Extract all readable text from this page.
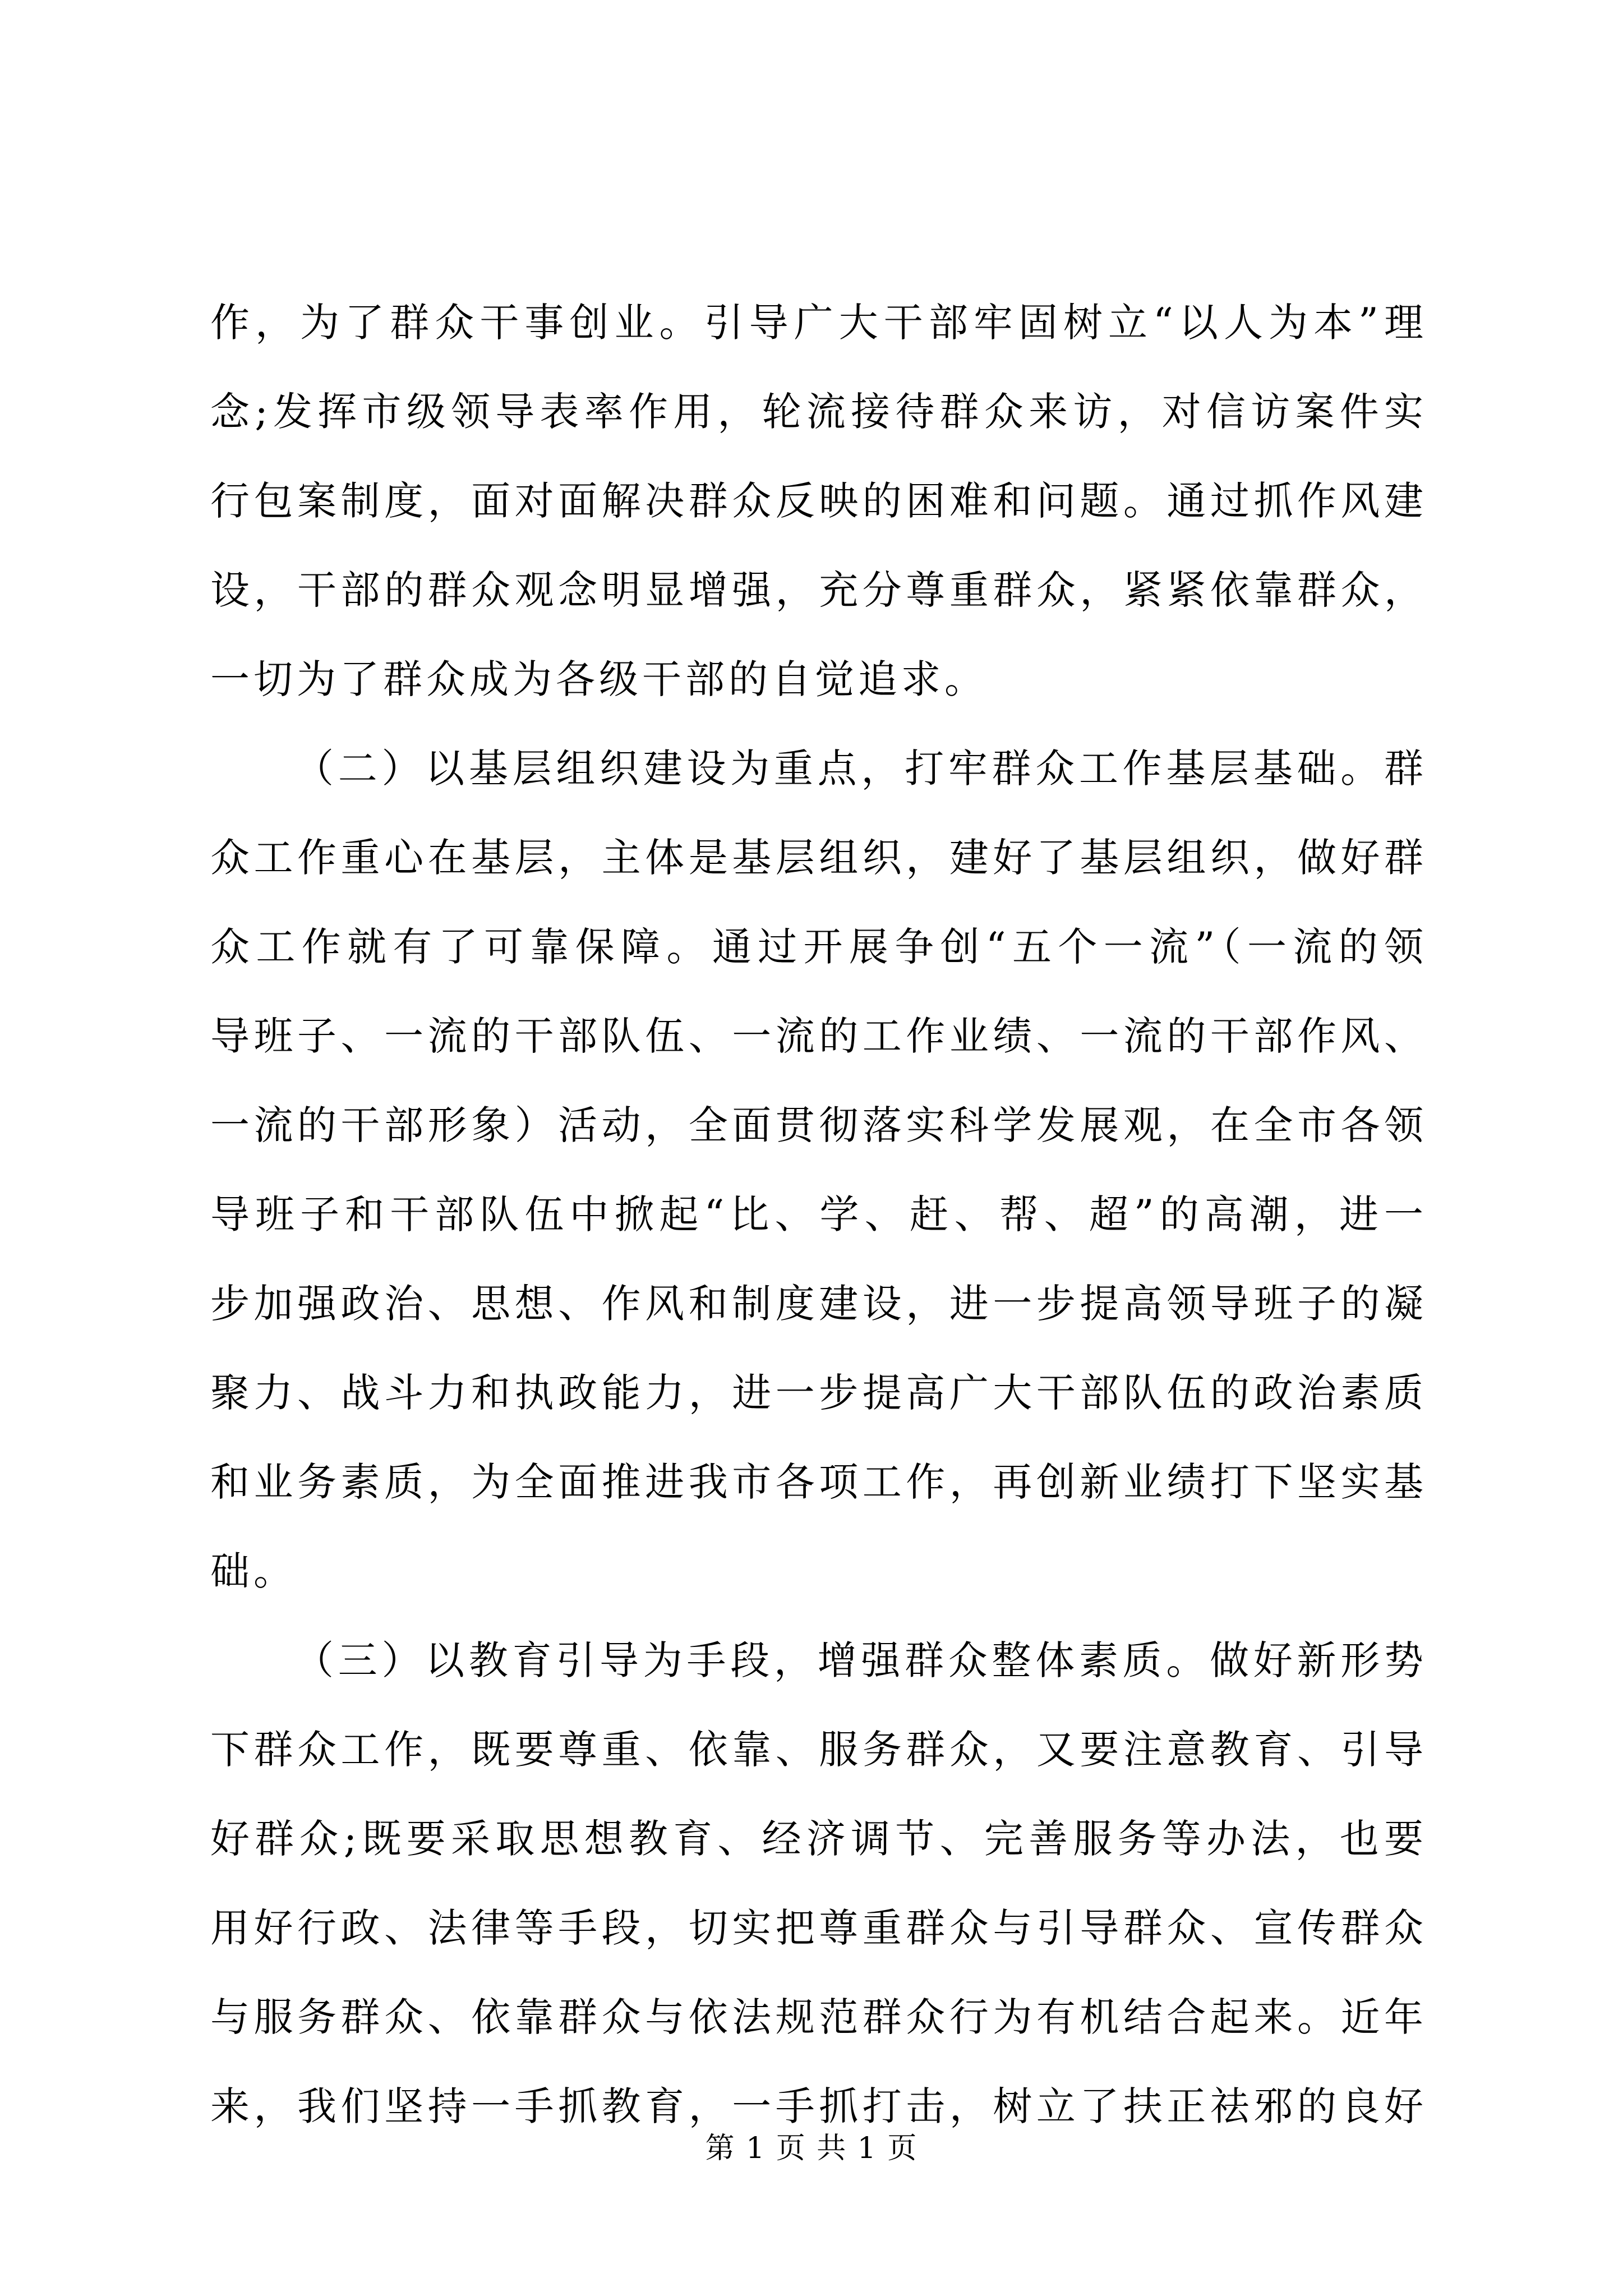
作，为了群众干事创业。引导广大干部牢固树立“以人为本”理
念;发挥市级领导表率作用，轮流接待群众来访，对信访案件实
行包案制度，面对面解决群众反映的困难和问题。通过抓作风建
设，干部的群众观念明显增强，充分尊重群众，紧紧依靠群众，
一切为了群众成为各级干部的自觉追求。
（二）以基层组织建设为重点，打牢群众工作基层基础。群
众工作重心在基层，主体是基层组织，建好了基层组织，做好群
众工作就有了可靠保障。通过开展争创“五个一流”（一流的领
导班子、一流的干部队伍、一流的工作业绩、一流的干部作风、
一流的干部形象）活动，全面贯彻落实科学发展观，在全市各领
导班子和干部队伍中掀起“比、学、赶、帮、超”的高潮，进一
步加强政治、思想、作风和制度建设，进一步提高领导班子的凝
聚力、战斗力和执政能力，进一步提高广大干部队伍的政治素质
和业务素质，为全面推进我市各项工作，再创新业绩打下坚实基
础。
（三）以教育引导为手段，增强群众整体素质。做好新形势
下群众工作，既要尊重、依靠、服务群众，又要注意教育、引导
好群众;既要采取思想教育、经济调节、完善服务等办法，也要
用好行政、法律等手段，切实把尊重群众与引导群众、宣传群众
与服务群众、依靠群众与依法规范群众行为有机结合起来。近年
来，我们坚持一手抓教育，一手抓打击，树立了扶正祛邪的良好
第 1 页 共 1 页
